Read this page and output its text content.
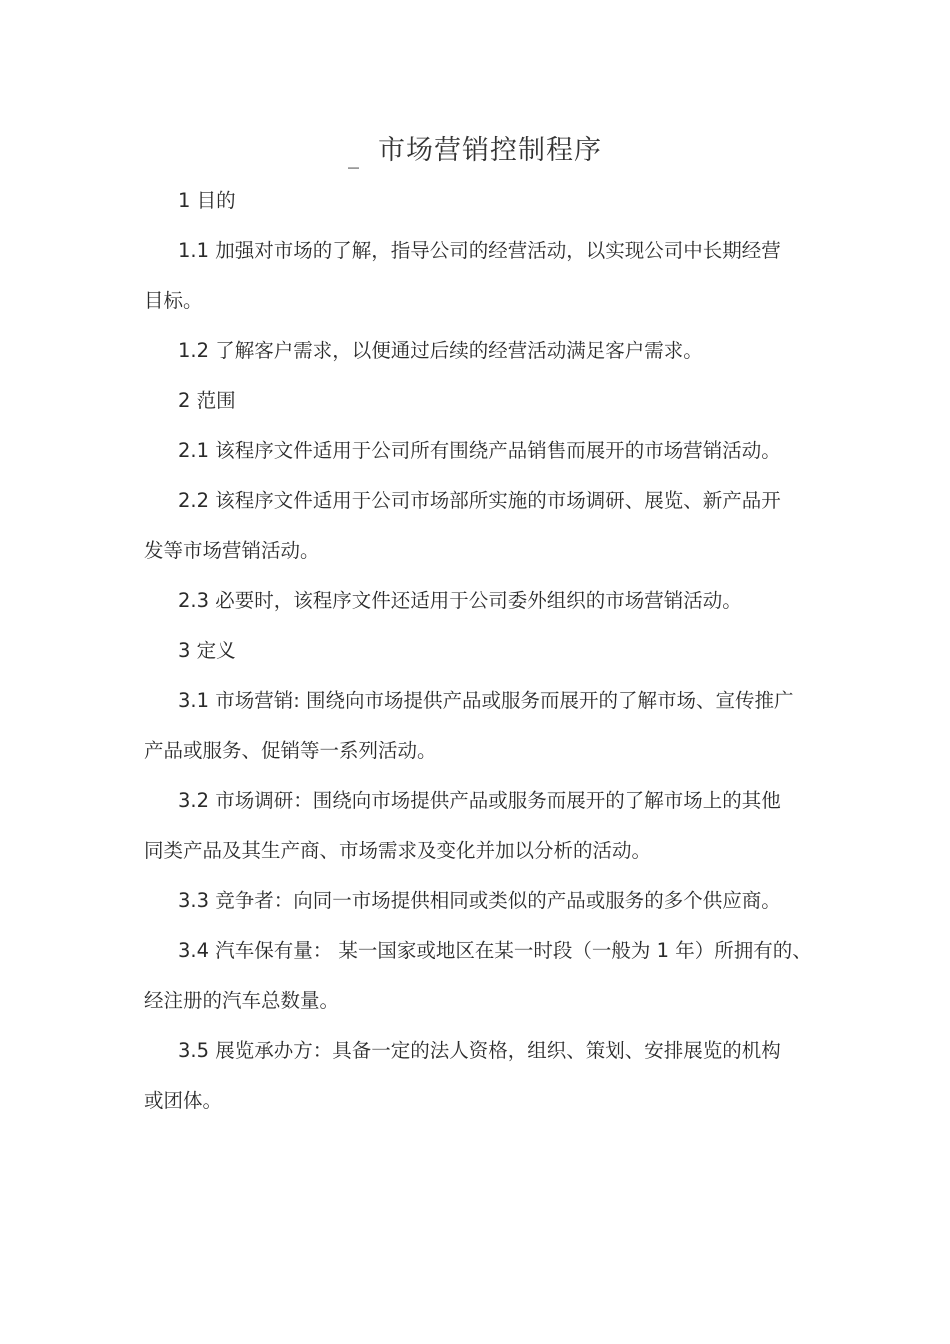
_ 市场营销控制程序
1 目的
1.1 加强对市场的了解，指导公司的经营活动，以实现公司中长期经营
目标。
1.2 了解客户需求，以便通过后续的经营活动满足客户需求。
2 范围
2.1 该程序文件适用于公司所有围绕产品销售而展开的市场营销活动。
2.2 该程序文件适用于公司市场部所实施的市场调研、展览、新产品开
发等市场营销活动。
2.3 必要时，该程序文件还适用于公司委外组织的市场营销活动。
3 定义
3.1 市场营销: 围绕向市场提供产品或服务而展开的了解市场、宣传推广
产品或服务、促销等一系列活动。
3.2 市场调研：围绕向市场提供产品或服务而展开的了解市场上的其他
同类产品及其生产商、市场需求及变化并加以分析的活动。
3.3 竞争者：向同一市场提供相同或类似的产品或服务的多个供应商。
3.4 汽车保有量： 某一国家或地区在某一时段（一般为 1 年）所拥有的、
经注册的汽车总数量。
3.5 展览承办方：具备一定的法人资格，组织、策划、安排展览的机构
或团体。
